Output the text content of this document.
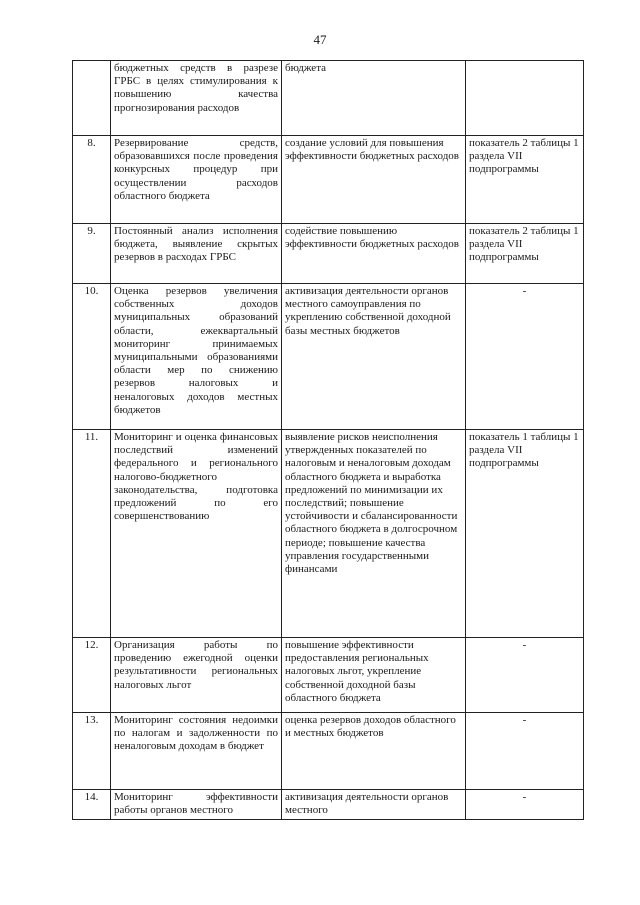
47
	бюджетных средств в разрезе ГРБС в целях стимулирования к повышению качества прогнозирования расходов	бюджета	
8.	Резервирование средств, образовавшихся после проведения конкурсных процедур при осуществлении расходов областного бюджета	создание условий для повышения эффективности бюджетных расходов	показатель 2 таблицы 1 раздела VII подпрограммы
9.	Постоянный анализ исполнения бюджета, выявление скрытых резервов в расходах ГРБС	содействие повышению эффективности бюджетных расходов	показатель 2 таблицы 1 раздела VII подпрограммы
10.	Оценка резервов увеличения собственных доходов муниципальных образований области, ежеквартальный мониторинг принимаемых муниципальными образованиями области мер по снижению резервов налоговых и неналоговых доходов местных бюджетов	активизация деятельности органов местного самоуправления по укреплению собственной доходной базы местных бюджетов	-
11.	Мониторинг и оценка финансовых последствий изменений федерального и регионального налогово-бюджетного законодательства, подготовка предложений по его совершенствованию	выявление рисков неисполнения утвержденных показателей по налоговым и неналоговым доходам областного бюджета и выработка предложений по минимизации их последствий; повышение устойчивости и сбалансированности областного бюджета в долгосрочном периоде; повышение качества управления государственными финансами	показатель 1 таблицы 1 раздела VII подпрограммы
12.	Организация работы по проведению ежегодной оценки результативности региональных налоговых льгот	повышение эффективности предоставления региональных налоговых льгот, укрепление собственной доходной базы областного бюджета	-
13.	Мониторинг состояния недоимки по налогам и задолженности по неналоговым доходам в бюджет	оценка резервов доходов областного и местных бюджетов	-
14.	Мониторинг эффективности работы органов местного	активизация деятельности органов местного	-
